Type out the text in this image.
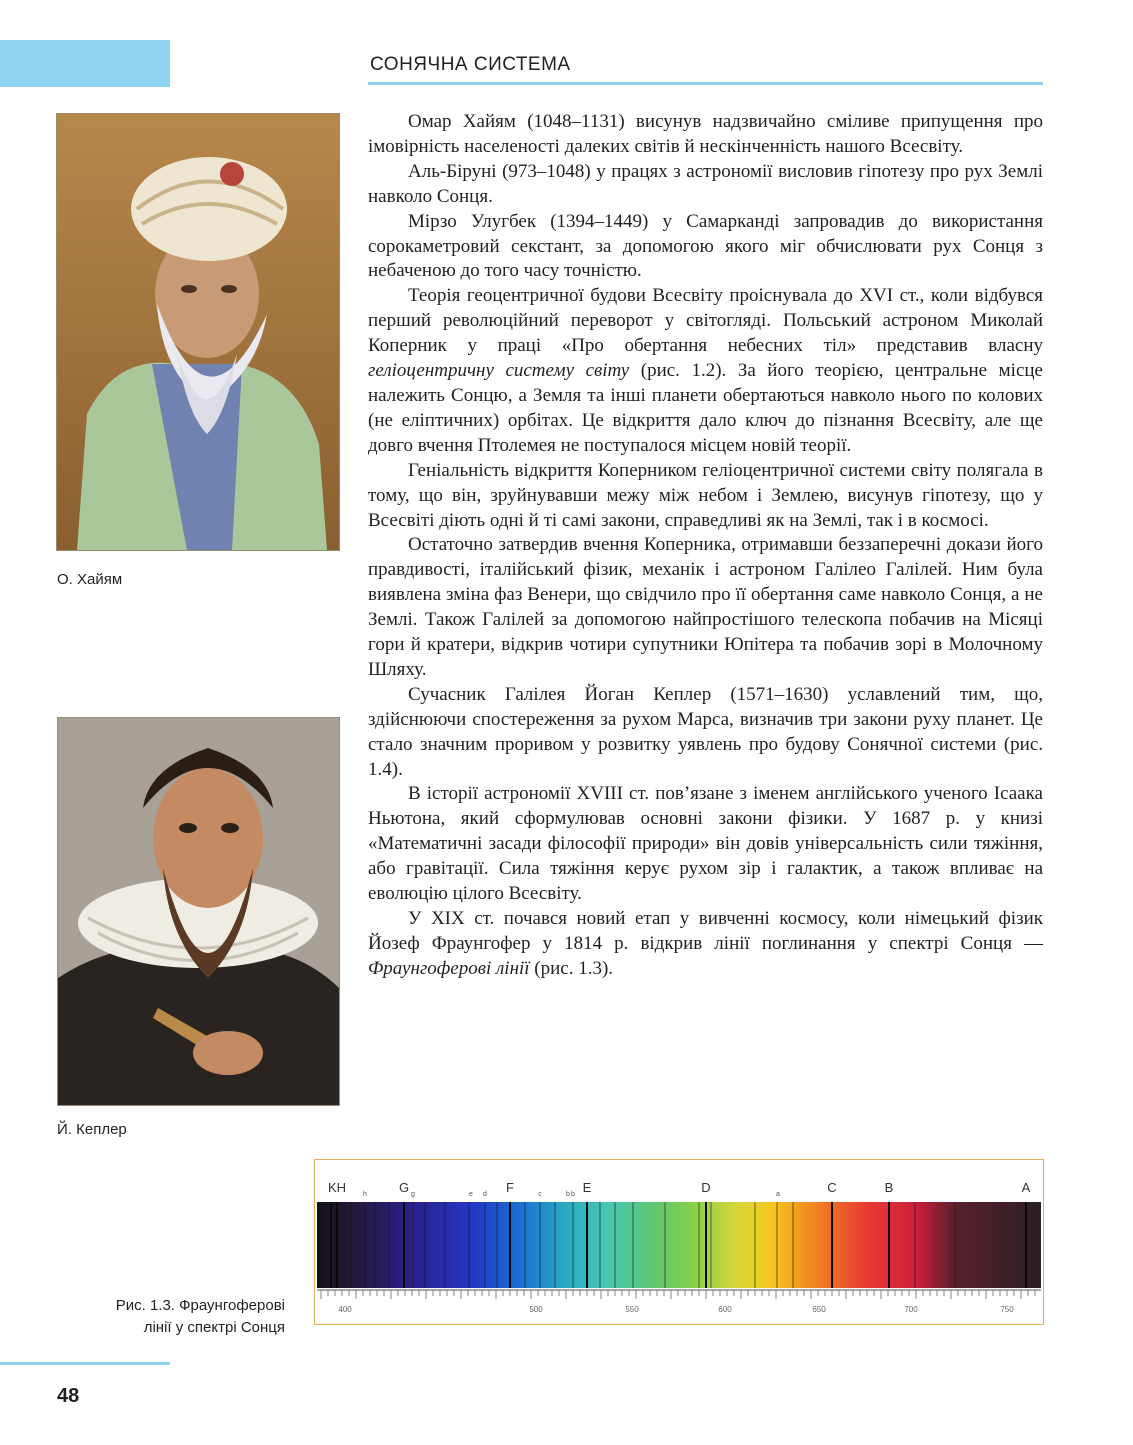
СОНЯЧНА СИСТЕМА
О. Хайям
Й. Кеплер

Омар Хайям (1048–1131) висунув надзвичайно сміливе припущення про імовірність населеності далеких світів й нескінченність нашого Всесвіту.

Аль-Біруні (973–1048) у працях з астрономії висловив гіпотезу про рух Землі навколо Сонця.

Мірзо Улугбек (1394–1449) у Самарканді запровадив до використання сорокаметровий секстант, за допомогою якого міг обчислювати рух Сонця з небаченою до того часу точністю.

Теорія геоцентричної будови Всесвіту проіснувала до XVI ст., коли відбувся перший революційний переворот у світогляді. Польський астроном Миколай Коперник у праці «Про обертання небесних тіл» представив власну геліоцентричну систему світу (рис. 1.2). За його теорією, центральне місце належить Сонцю, а Земля та інші планети обертаються навколо нього по колових (не еліптичних) орбітах. Це відкриття дало ключ до пізнання Всесвіту, але ще довго вчення Птолемея не поступалося місцем новій теорії.

Геніальність відкриття Коперником геліоцентричної системи світу полягала в тому, що він, зруйнувавши межу між небом і Землею, висунув гіпотезу, що у Всесвіті діють одні й ті самі закони, справедливі як на Землі, так і в космосі.

Остаточно затвердив вчення Коперника, отримавши беззаперечні докази його правдивості, італійський фізик, механік і астроном Галілео Галілей. Ним була виявлена зміна фаз Венери, що свідчило про її обертання саме навколо Сонця, а не Землі. Також Галілей за допомогою найпростішого телескопа побачив на Місяці гори й кратери, відкрив чотири супутники Юпітера та побачив зорі в Молочному Шляху.

Сучасник Галілея Йоган Кеплер (1571–1630) уславлений тим, що, здійснюючи спостереження за рухом Марса, визначив три закони руху планет. Це стало значним проривом у розвитку уявлень про будову Сонячної системи (рис. 1.4).

В історії астрономії XVIII ст. пов’язане з іменем англійського ученого Ісаака Ньютона, який сформулював основні закони фізики. У 1687 р. у книзі «Математичні засади філософії природи» він довів універсальність сили тяжіння, або гравітації. Сила тяжіння керує рухом зір і галактик, а також впливає на еволюцію цілого Всесвіту.

У XIX ст. почався новий етап у вивченні космосу, коли німецький фізик Йозеф Фраунгофер у 1814 р. відкрив лінії поглинання у спектрі Сонця — Фраунгоферові лінії (рис. 1.3).

KH	G	F	E	D	C	B	A
h	g	e d	c	b b	a
400	500	550	600	650	700	750
Рис. 1.3. Фраунгоферові
лінії у спектрі Сонця
48
